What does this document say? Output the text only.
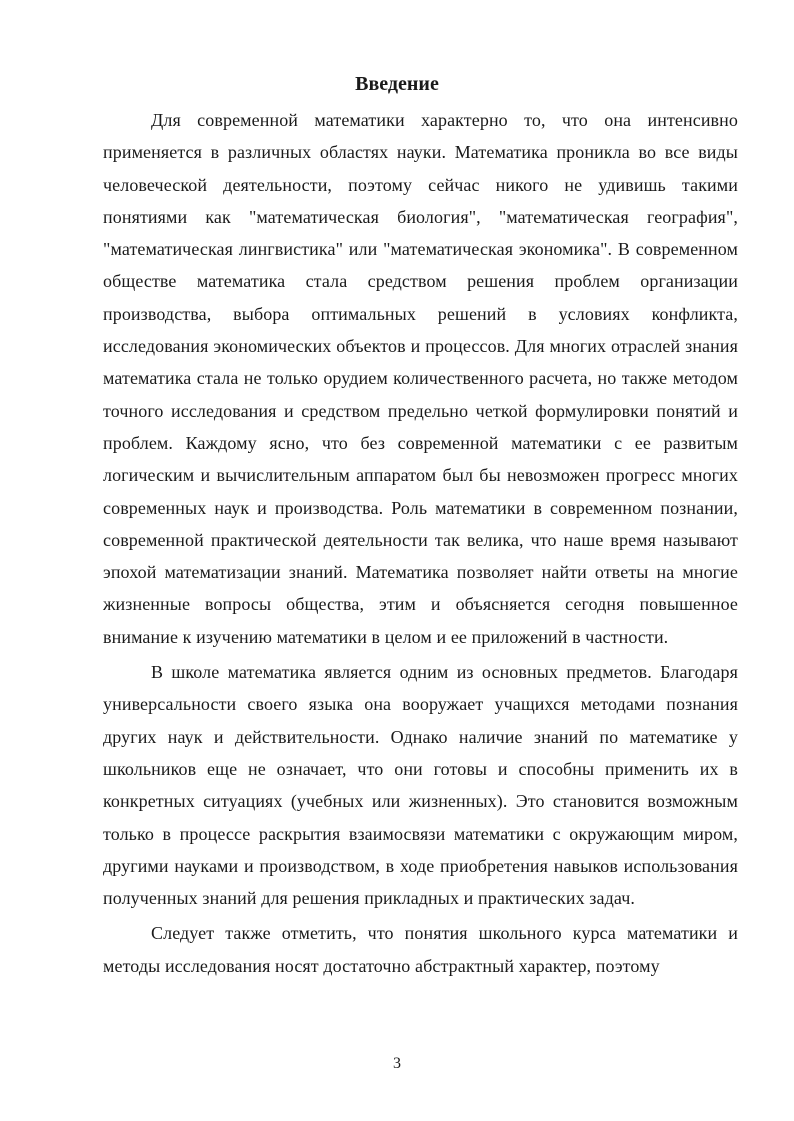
Введение

Для современной математики характерно то, что она интенсивно применяется в различных областях науки. Математика проникла во все виды человеческой деятельности, поэтому сейчас никого не удивишь такими понятиями как "математическая биология", "математическая география", "математическая лингвистика" или "математическая экономика". В современном обществе математика стала средством решения проблем организации производства, выбора оптимальных решений в условиях конфликта, исследования экономических объектов и процессов. Для многих отраслей знания математика стала не только орудием количественного расчета, но также методом точного исследования и средством предельно четкой формулировки понятий и проблем. Каждому ясно, что без современной математики с ее развитым логическим и вычислительным аппаратом был бы невозможен прогресс многих современных наук и производства. Роль математики в современном познании, современной практической деятельности так велика, что наше время называют эпохой математизации знаний. Математика позволяет найти ответы на многие жизненные вопросы общества, этим и объясняется сегодня повышенное внимание к изучению математики в целом и ее приложений в частности.

В школе математика является одним из основных предметов. Благодаря универсальности своего языка она вооружает учащихся методами познания других наук и действительности. Однако наличие знаний по математике у школьников еще не означает, что они готовы и способны применить их в конкретных ситуациях (учебных или жизненных). Это становится возможным только в процессе раскрытия взаимосвязи математики с окружающим миром, другими науками и производством, в ходе приобретения навыков использования полученных знаний для решения прикладных и практических задач.

Следует также отметить, что понятия школьного курса математики и методы исследования носят достаточно абстрактный характер, поэтому

3
